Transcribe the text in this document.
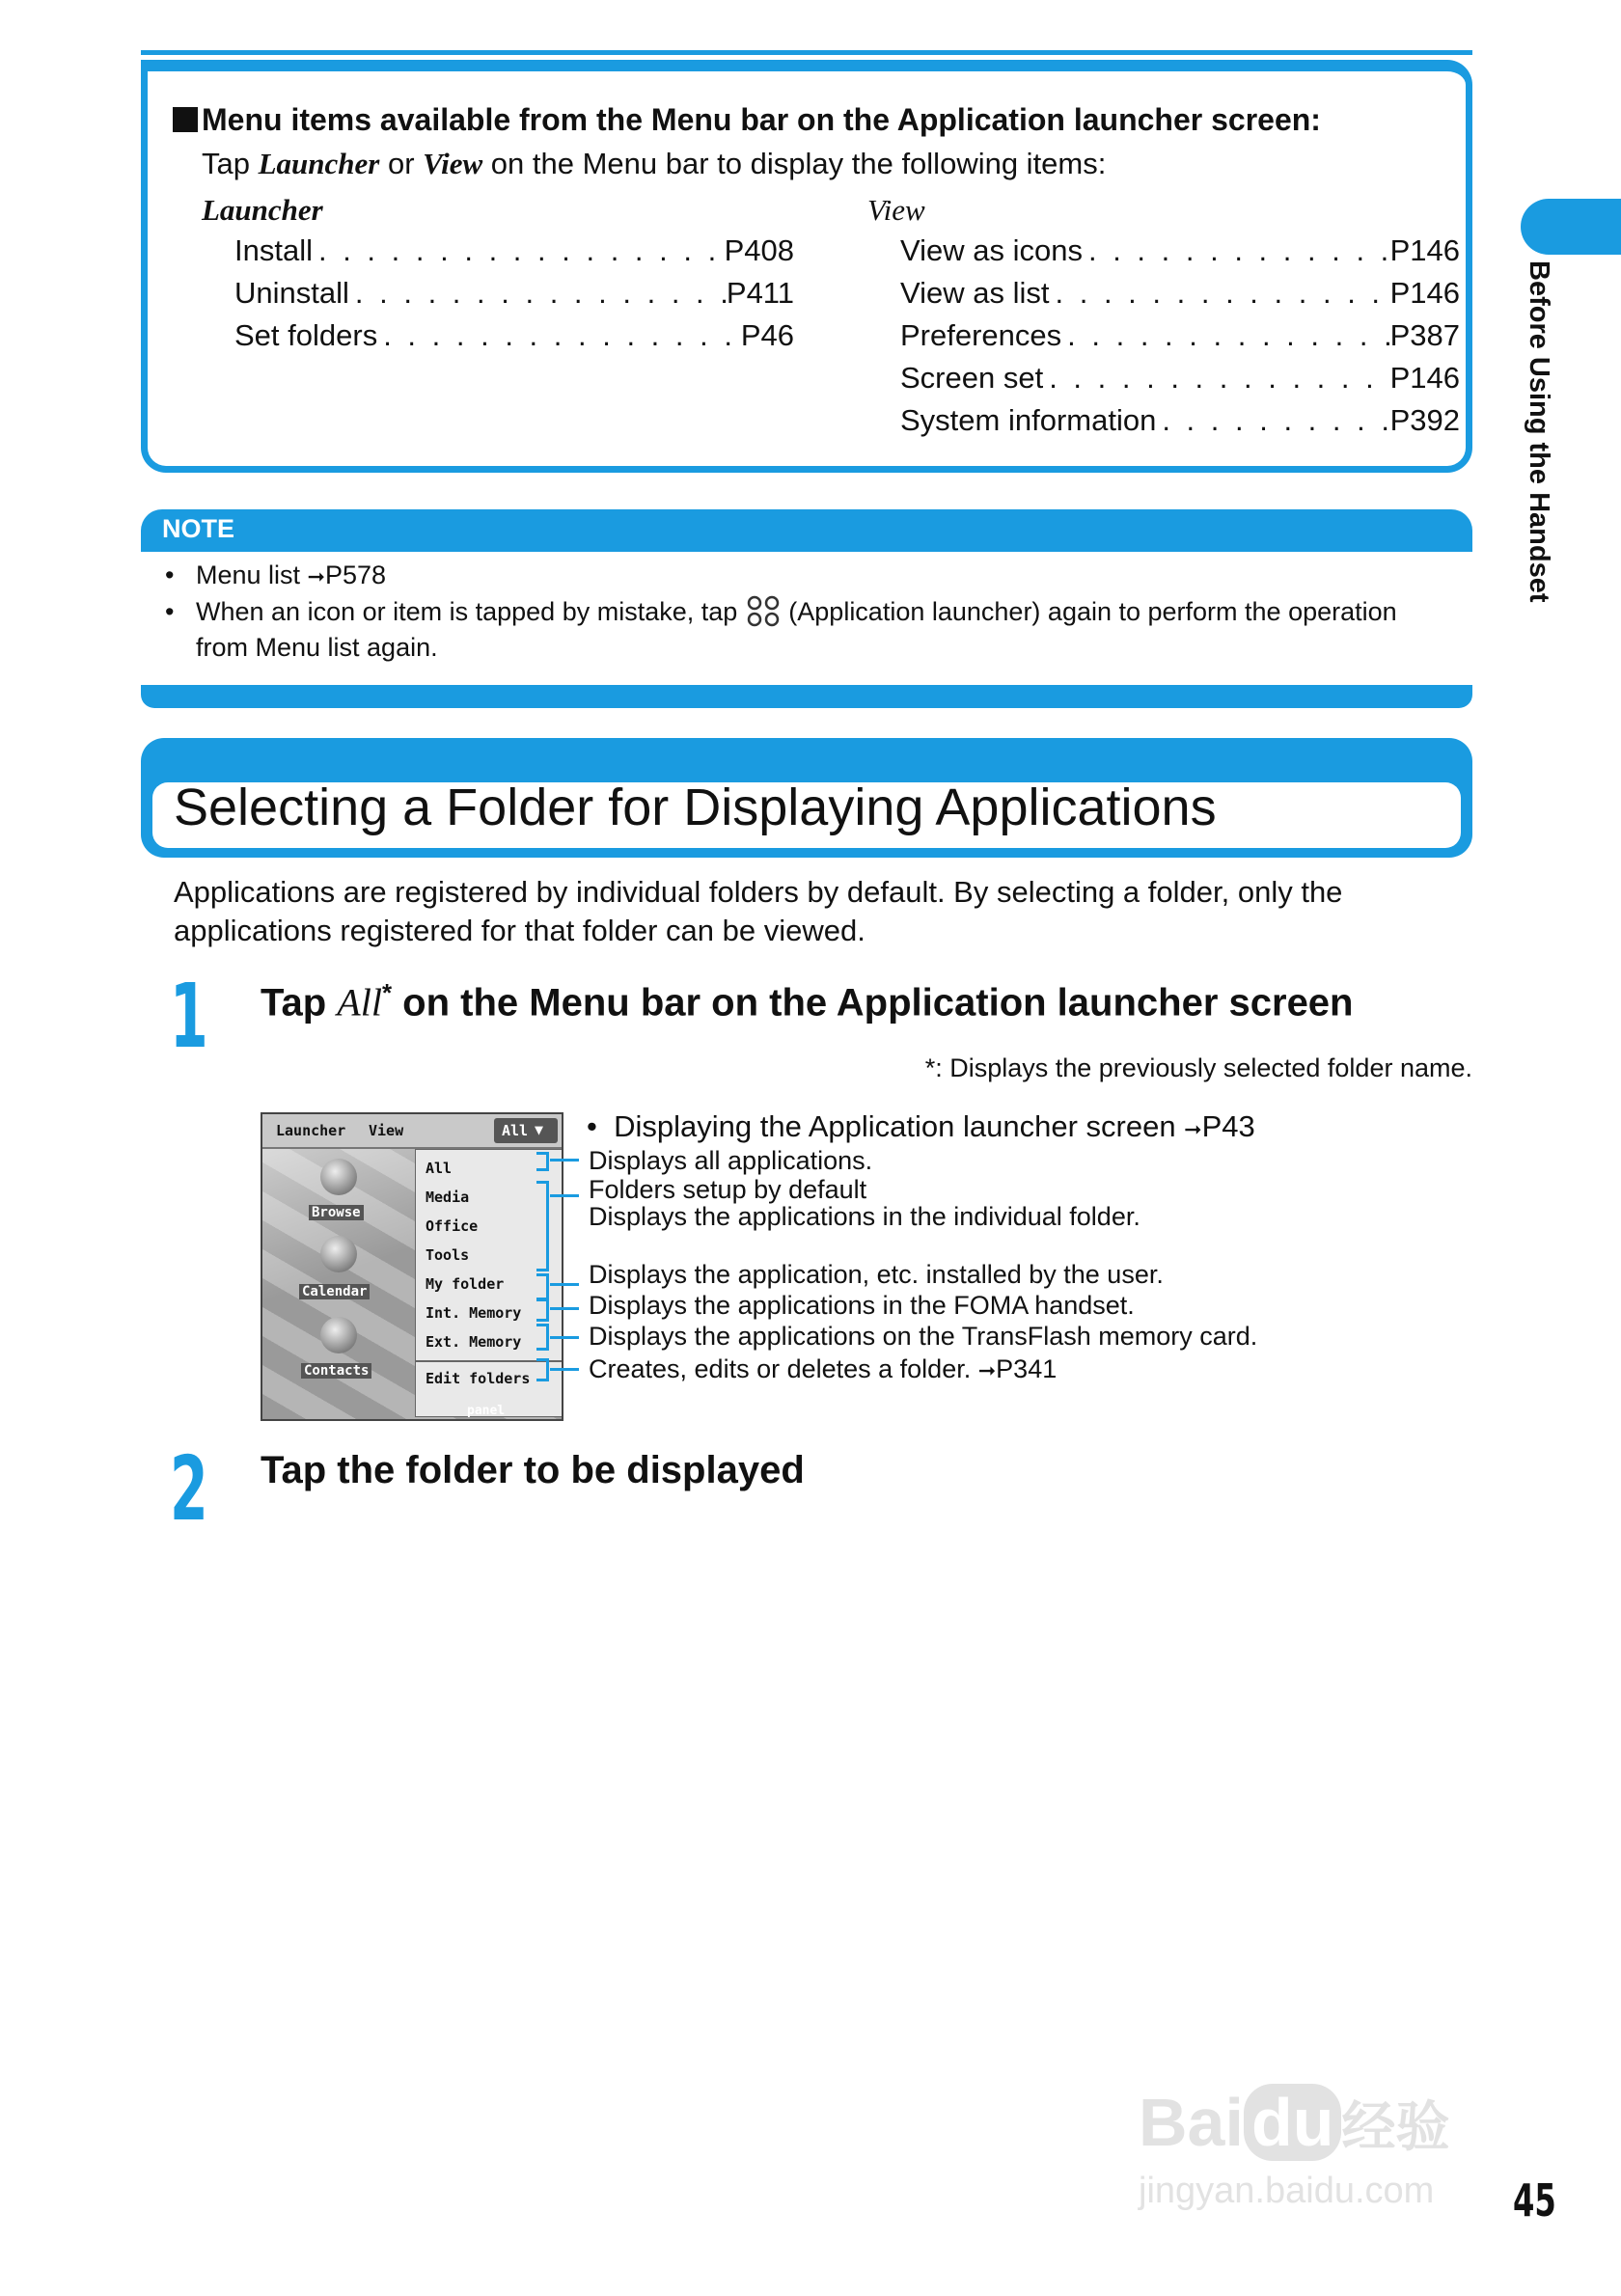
Menu items available from the Menu bar on the Application launcher screen:
Tap Launcher or View on the Menu bar to display the following items:
Launcher	View
Install . . .	P408
Uninstall . . .	P411
Set folders . . .	P46
View as icons . . .	P146
View as list . . .	P146
Preferences . . .	P387
Screen set . . .	P146
System information . . .	P392
NOTE
• Menu list ➞P578
• When an icon or item is tapped by mistake, tap  (Application launcher) again to perform the operation
from Menu list again.
Selecting a Folder for Displaying Applications
Applications are registered by individual folders by default. By selecting a folder, only the applications registered for that folder can be viewed.
1 Tap All* on the Menu bar on the Application launcher screen
*: Displays the previously selected folder name.
Launcher View	All ▼
Browse
Calendar
Contacts
All
Media
Office
Tools
My folder
Int. Memory
Ext. Memory
Edit folders
panel
•  Displaying the Application launcher screen ➞P43
Displays all applications.
Folders setup by default
Displays the applications in the individual folder.
Displays the application, etc. installed by the user.
Displays the applications in the FOMA handset.
Displays the applications on the TransFlash memory card.
Creates, edits or deletes a folder. ➞P341
2 Tap the folder to be displayed
Before Using the Handset
Bai du 经验
jingyan.baidu.com 45
